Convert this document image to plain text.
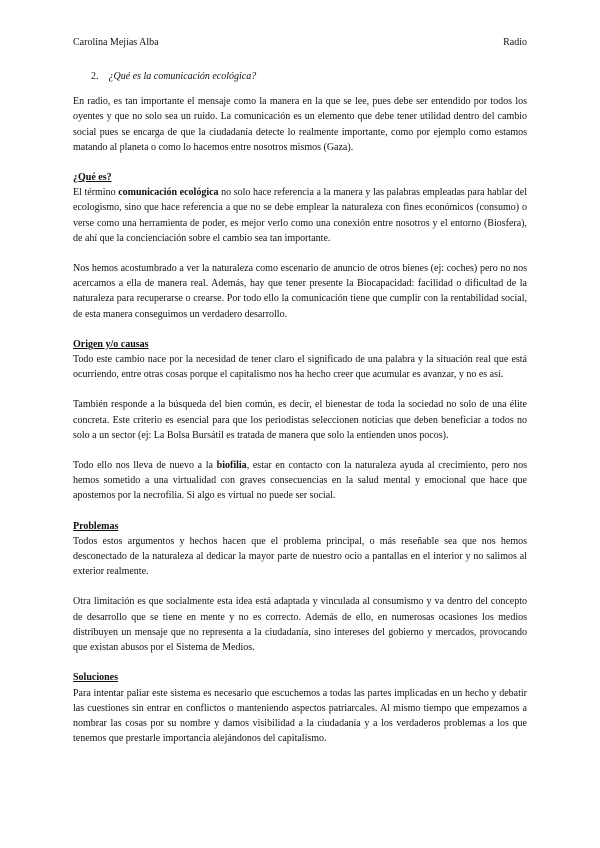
Carolina Mejías Alba	Radio
2. ¿Qué es la comunicación ecológica?

En radio, es tan importante el mensaje como la manera en la que se lee, pues debe ser entendido por todos los oyentes y que no solo sea un ruido. La comunicación es un elemento que debe tener utilidad dentro del cambio social pues se encarga de que la ciudadanía detecte lo realmente importante, como por ejemplo como estamos matando al planeta o como lo hacemos entre nosotros mismos (Gaza).

¿Qué es?

El término comunicación ecológica no solo hace referencia a la manera y las palabras empleadas para hablar del ecologismo, sino que hace referencia a que no se debe emplear la naturaleza con fines económicos (consumo) o verse como una herramienta de poder, es mejor verlo como una conexión entre nosotros y el entorno (Biosfera), de ahí que la concienciación sobre el cambio sea tan importante.

Nos hemos acostumbrado a ver la naturaleza como escenario de anuncio de otros bienes (ej: coches) pero no nos acercamos a ella de manera real. Además, hay que tener presente la Biocapacidad: facilidad o dificultad de la naturaleza para recuperarse o crearse. Por todo ello la comunicación tiene que cumplir con la rentabilidad social, de esta manera conseguimos un verdadero desarrollo.

Origen y/o causas

Todo este cambio nace por la necesidad de tener claro el significado de una palabra y la situación real que está ocurriendo, entre otras cosas porque el capitalismo nos ha hecho creer que acumular es avanzar, y no es así.

También responde a la búsqueda del bien común, es decir, el bienestar de toda la sociedad no solo de una élite concreta. Este criterio es esencial para que los periodistas seleccionen noticias que deben beneficiar a todos no solo a un sector (ej: La Bolsa Bursátil es tratada de manera que solo la entienden unos pocos).

Todo ello nos lleva de nuevo a la biofilia, estar en contacto con la naturaleza ayuda al crecimiento, pero nos hemos sometido a una virtualidad con graves consecuencias en la salud mental y emocional que hace que apostemos por la necrofilia. Si algo es virtual no puede ser social.

Problemas

Todos estos argumentos y hechos hacen que el problema principal, o más reseñable sea que nos hemos desconectado de la naturaleza al dedicar la mayor parte de nuestro ocio a pantallas en el interior y no salimos al exterior realmente.

Otra limitación es que socialmente esta idea está adaptada y vinculada al consumismo y va dentro del concepto de desarrollo que se tiene en mente y no es correcto. Además de ello, en numerosas ocasiones los medios distribuyen un mensaje que no representa a la ciudadanía, sino intereses del gobierno y mercados, provocando que existan abusos por el Sistema de Medios.

Soluciones

Para intentar paliar este sistema es necesario que escuchemos a todas las partes implicadas en un hecho y debatir las cuestiones sin entrar en conflictos o manteniendo aspectos patriarcales. Al mismo tiempo que empezamos a nombrar las cosas por su nombre y damos visibilidad a la ciudadanía y a los verdaderos problemas a los que tenemos que prestarle importancia alejándonos del capitalismo.
